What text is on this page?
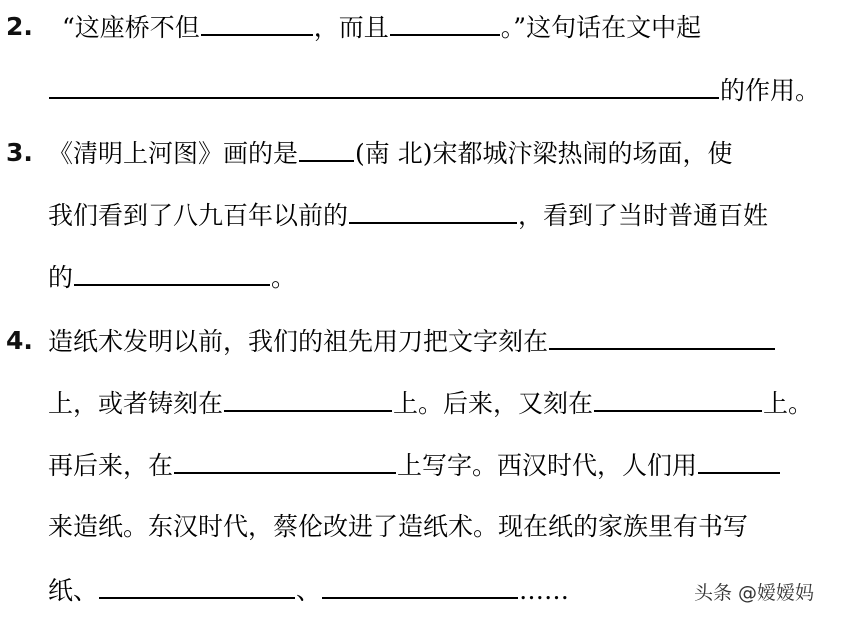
2. “这座桥不但	，而且	。”这句话在文中起
的作用。
3. 《清明上河图》画的是 (南 北)宋都城汴梁热闹的场面，使
我们看到了八九百年以前的	，看到了当时普通百姓
的	。
4. 造纸术发明以前，我们的祖先用刀把文字刻在
上，或者铸刻在	上。后来，又刻在	上。
再后来，在	上写字。西汉时代，人们用
来造纸。东汉时代，蔡伦改进了造纸术。现在纸的家族里有书写
纸、	、	……	头条 @嫒嫒妈
